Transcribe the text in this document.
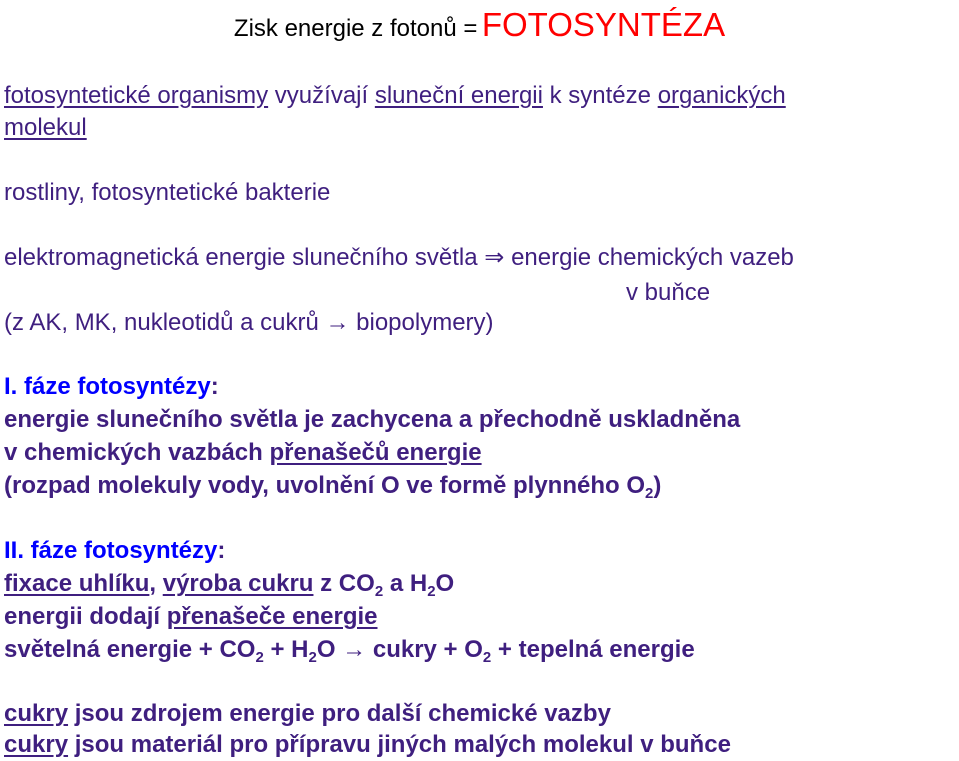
Zisk energie z fotonů = FOTOSYNTÉZA
fotosyntetické organismy využívají sluneční energii k syntéze organických
molekul
rostliny, fotosyntetické bakterie
elektromagnetická energie slunečního světla ⇒ energie chemických vazeb
v buňce
(z AK, MK, nukleotidů a cukrů → biopolymery)
I. fáze fotosyntézy:
energie slunečního světla je zachycena a přechodně uskladněna
v chemických vazbách přenašečů energie
(rozpad molekuly vody, uvolnění O ve formě plynného $O_2$)
II. fáze fotosyntézy:
fixace uhlíku, výroba cukru z $CO_2$ a $H_2O$
energii dodají přenašeče energie
světelná energie + $CO_2 + H_2O$ → cukry + $O_2$ + tepelná energie
cukry jsou zdrojem energie pro další chemické vazby
cukry jsou materiál pro přípravu jiných malých molekul v buňce
